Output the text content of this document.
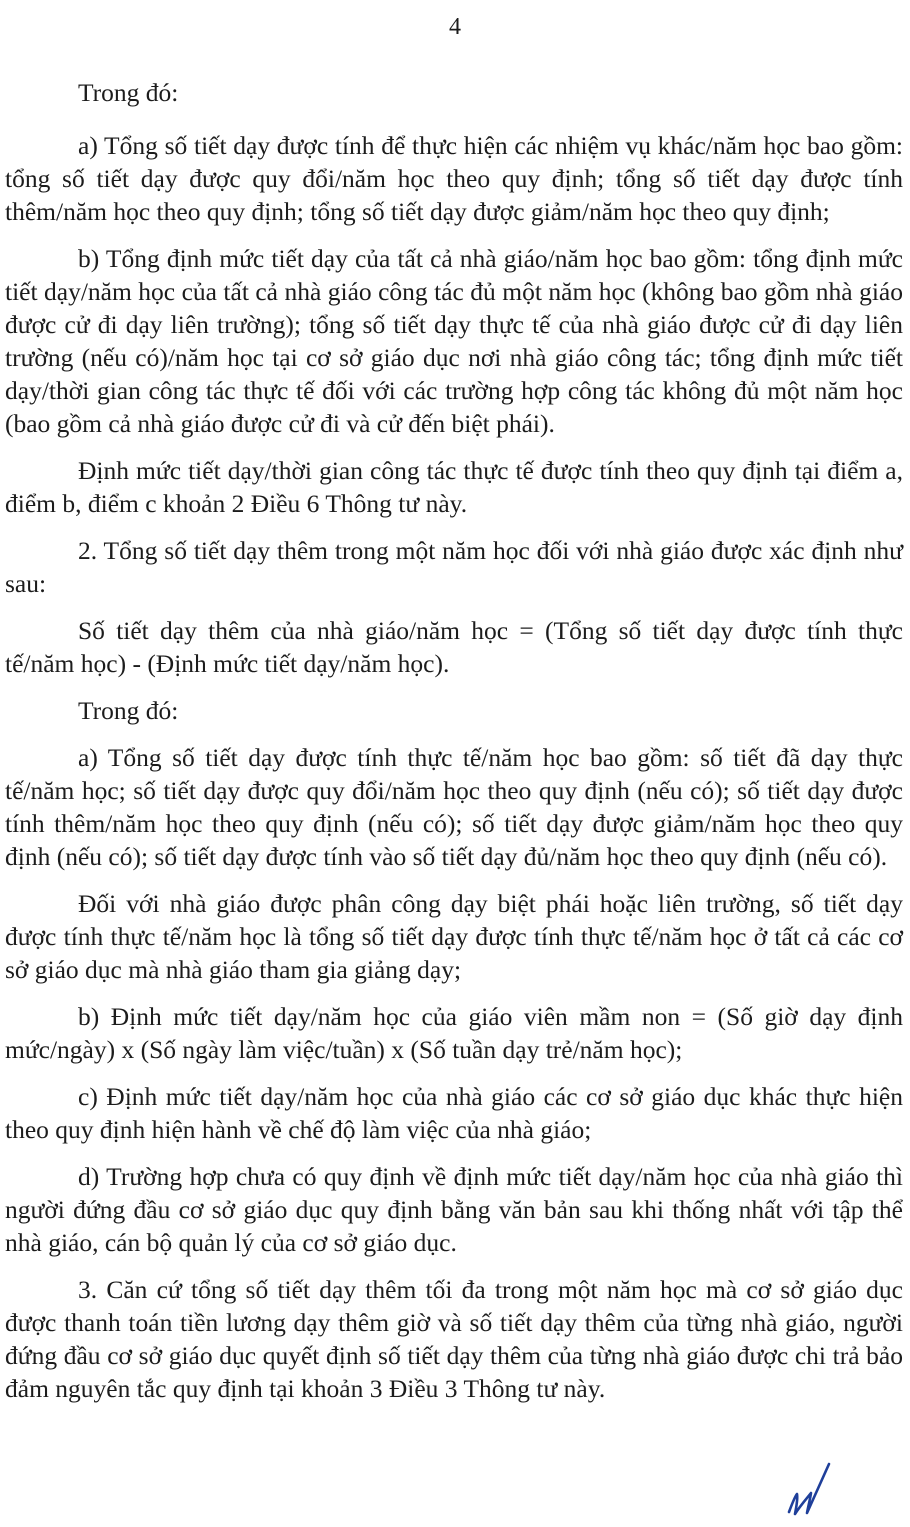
4

Trong đó:

a) Tổng số tiết dạy được tính để thực hiện các nhiệm vụ khác/năm học bao gồm: tổng số tiết dạy được quy đổi/năm học theo quy định; tổng số tiết dạy được tính thêm/năm học theo quy định; tổng số tiết dạy được giảm/năm học theo quy định;

b) Tổng định mức tiết dạy của tất cả nhà giáo/năm học bao gồm: tổng định mức tiết dạy/năm học của tất cả nhà giáo công tác đủ một năm học (không bao gồm nhà giáo được cử đi dạy liên trường); tổng số tiết dạy thực tế của nhà giáo được cử đi dạy liên trường (nếu có)/năm học tại cơ sở giáo dục nơi nhà giáo công tác; tổng định mức tiết dạy/thời gian công tác thực tế đối với các trường hợp công tác không đủ một năm học (bao gồm cả nhà giáo được cử đi và cử đến biệt phái).

Định mức tiết dạy/thời gian công tác thực tế được tính theo quy định tại điểm a, điểm b, điểm c khoản 2 Điều 6 Thông tư này.

2. Tổng số tiết dạy thêm trong một năm học đối với nhà giáo được xác định như sau:

Số tiết dạy thêm của nhà giáo/năm học = (Tổng số tiết dạy được tính thực tế/năm học) - (Định mức tiết dạy/năm học).

Trong đó:

a) Tổng số tiết dạy được tính thực tế/năm học bao gồm: số tiết đã dạy thực tế/năm học; số tiết dạy được quy đổi/năm học theo quy định (nếu có); số tiết dạy được tính thêm/năm học theo quy định (nếu có); số tiết dạy được giảm/năm học theo quy định (nếu có); số tiết dạy được tính vào số tiết dạy đủ/năm học theo quy định (nếu có).

Đối với nhà giáo được phân công dạy biệt phái hoặc liên trường, số tiết dạy được tính thực tế/năm học là tổng số tiết dạy được tính thực tế/năm học ở tất cả các cơ sở giáo dục mà nhà giáo tham gia giảng dạy;

b) Định mức tiết dạy/năm học của giáo viên mầm non = (Số giờ dạy định mức/ngày) x (Số ngày làm việc/tuần) x (Số tuần dạy trẻ/năm học);

c) Định mức tiết dạy/năm học của nhà giáo các cơ sở giáo dục khác thực hiện theo quy định hiện hành về chế độ làm việc của nhà giáo;

d) Trường hợp chưa có quy định về định mức tiết dạy/năm học của nhà giáo thì người đứng đầu cơ sở giáo dục quy định bằng văn bản sau khi thống nhất với tập thể nhà giáo, cán bộ quản lý của cơ sở giáo dục.

3. Căn cứ tổng số tiết dạy thêm tối đa trong một năm học mà cơ sở giáo dục được thanh toán tiền lương dạy thêm giờ và số tiết dạy thêm của từng nhà giáo, người đứng đầu cơ sở giáo dục quyết định số tiết dạy thêm của từng nhà giáo được chi trả bảo đảm nguyên tắc quy định tại khoản 3 Điều 3 Thông tư này.
